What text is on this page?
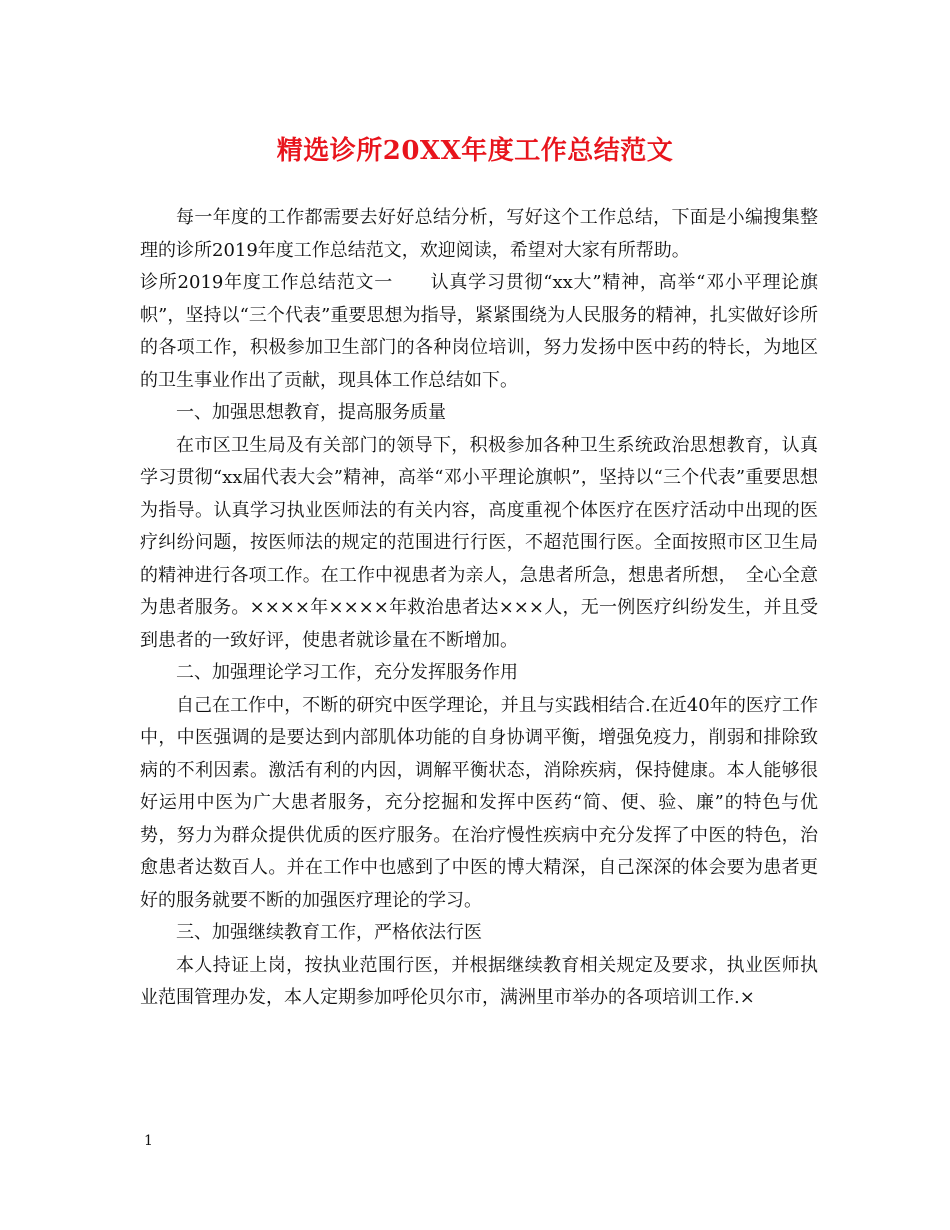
精选诊所20XX年度工作总结范文

每一年度的工作都需要去好好总结分析，写好这个工作总结，下面是小编搜集整理的诊所2019年度工作总结范文，欢迎阅读，希望对大家有所帮助。

诊所2019年度工作总结范文一　　认真学习贯彻“xx大”精神，高举“邓小平理论旗帜”，坚持以“三个代表”重要思想为指导，紧紧围绕为人民服务的精神，扎实做好诊所的各项工作，积极参加卫生部门的各种岗位培训，努力发扬中医中药的特长，为地区的卫生事业作出了贡献，现具体工作总结如下。

一、加强思想教育，提高服务质量

在市区卫生局及有关部门的领导下，积极参加各种卫生系统政治思想教育，认真学习贯彻“xx届代表大会”精神，高举“邓小平理论旗帜”，坚持以“三个代表”重要思想为指导。认真学习执业医师法的有关内容，高度重视个体医疗在医疗活动中出现的医疗纠纷问题，按医师法的规定的范围进行行医，不超范围行医。全面按照市区卫生局的精神进行各项工作。在工作中视患者为亲人，急患者所急，想患者所想，　全心全意为患者服务。××××年××××年救治患者达×××人，无一例医疗纠纷发生，并且受到患者的一致好评，使患者就诊量在不断增加。

二、加强理论学习工作，充分发挥服务作用

自己在工作中，不断的研究中医学理论，并且与实践相结合.在近40年的医疗工作中，中医强调的是要达到内部肌体功能的自身协调平衡，增强免疫力，削弱和排除致病的不利因素。激活有利的内因，调解平衡状态，消除疾病，保持健康。本人能够很好运用中医为广大患者服务，充分挖掘和发挥中医药“简、便、验、廉”的特色与优势，努力为群众提供优质的医疗服务。在治疗慢性疾病中充分发挥了中医的特色，治愈患者达数百人。并在工作中也感到了中医的博大精深，自己深深的体会要为患者更好的服务就要不断的加强医疗理论的学习。

三、加强继续教育工作，严格依法行医

本人持证上岗，按执业范围行医，并根据继续教育相关规定及要求，执业医师执业范围管理办发，本人定期参加呼伦贝尔市，满洲里市举办的各项培训工作.×

1
